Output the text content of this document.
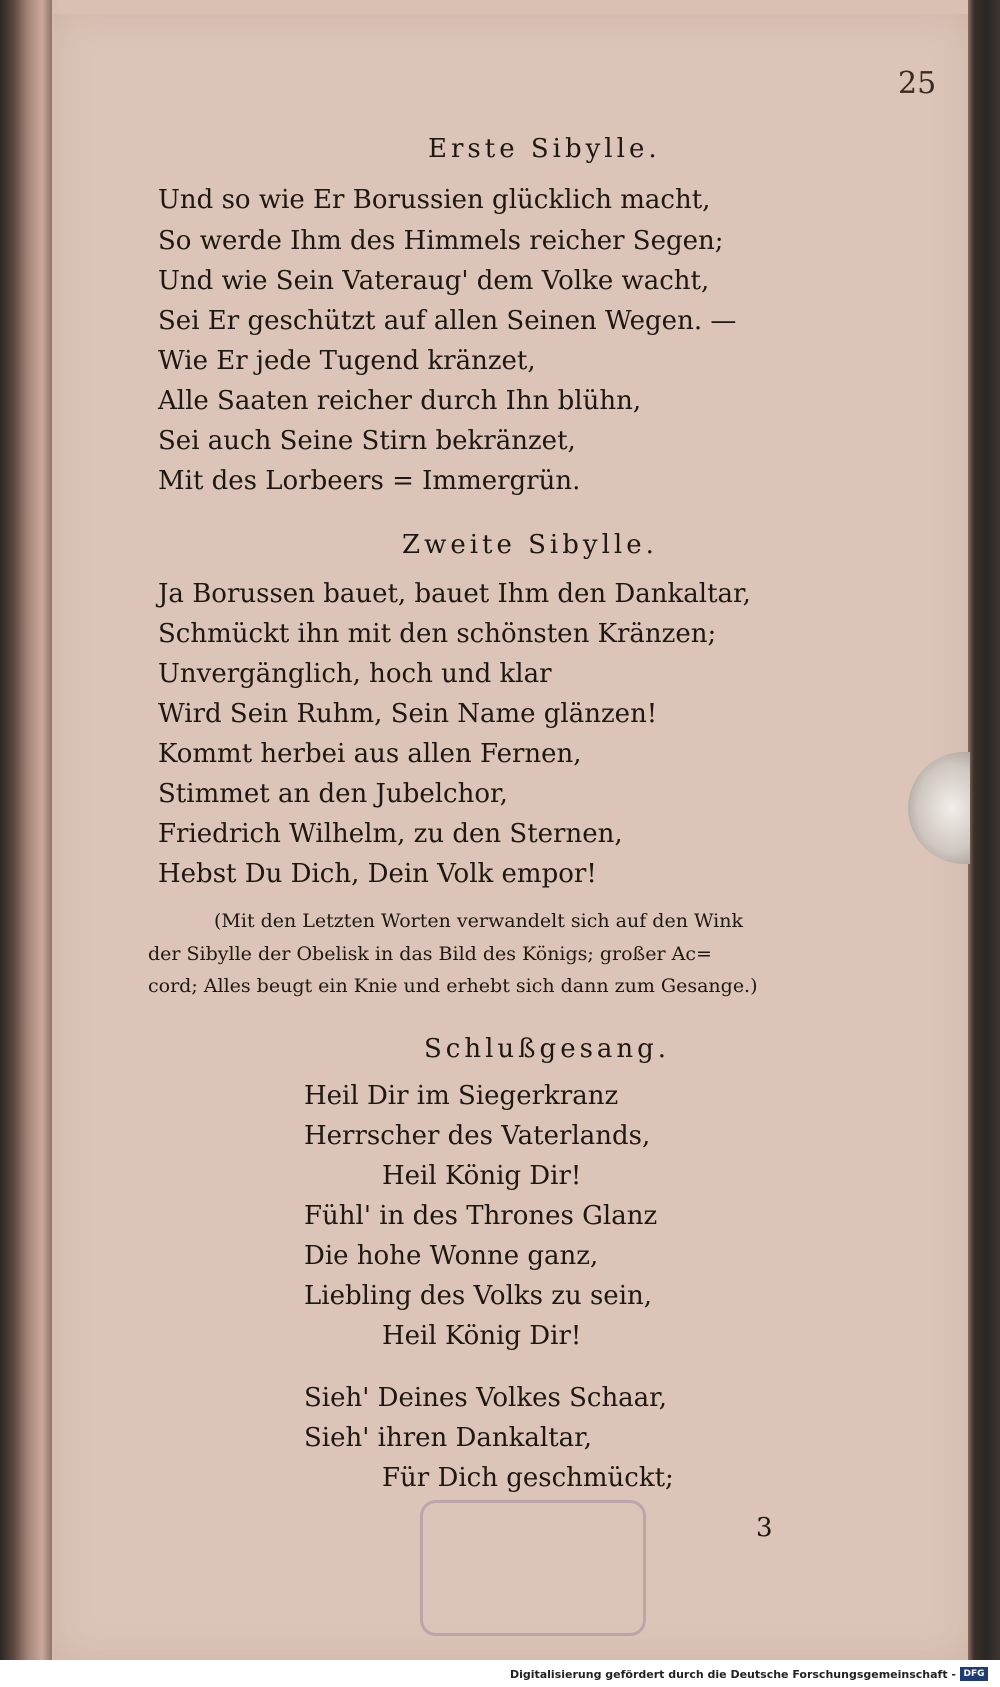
25
Erste Sibylle.
Und so wie Er Borussien glücklich macht,
So werde Ihm des Himmels reicher Segen;
Und wie Sein Vateraug' dem Volke wacht,
Sei Er geschützt auf allen Seinen Wegen. —
Wie Er jede Tugend kränzet,
Alle Saaten reicher durch Ihn blühn,
Sei auch Seine Stirn bekränzet,
Mit des Lorbeers = Immergrün.
Zweite Sibylle.
Ja Borussen bauet, bauet Ihm den Dankaltar,
Schmückt ihn mit den schönsten Kränzen;
Unvergänglich, hoch und klar
Wird Sein Ruhm, Sein Name glänzen!
Kommt herbei aus allen Fernen,
Stimmet an den Jubelchor,
Friedrich Wilhelm, zu den Sternen,
Hebst Du Dich, Dein Volk empor!
(Mit den Letzten Worten verwandelt sich auf den Wink
der Sibylle der Obelisk in das Bild des Königs; großer Ac=
cord; Alles beugt ein Knie und erhebt sich dann zum Gesange.)
Schlußgesang.
Heil Dir im Siegerkranz
Herrscher des Vaterlands,
Heil König Dir!
Fühl' in des Thrones Glanz
Die hohe Wonne ganz,
Liebling des Volks zu sein,
Heil König Dir!
Sieh' Deines Volkes Schaar,
Sieh' ihren Dankaltar,
Für Dich geschmückt;
3
Digitalisierung gefördert durch die Deutsche Forschungsgemeinschaft - DFG
